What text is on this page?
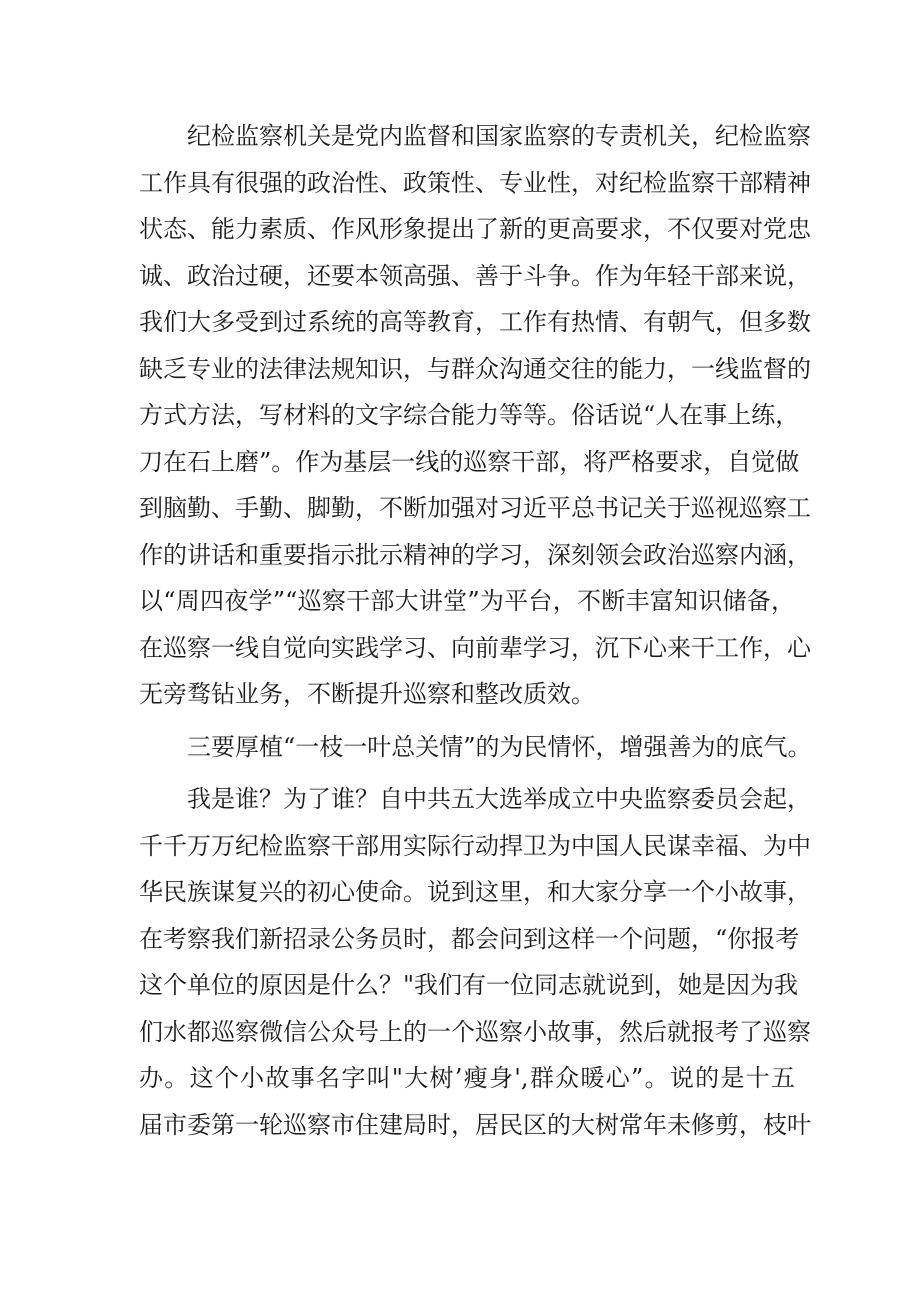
　　纪检监察机关是党内监督和国家监察的专责机关，纪检监察
工作具有很强的政治性、政策性、专业性，对纪检监察干部精神
状态、能力素质、作风形象提出了新的更高要求，不仅要对党忠
诚、政治过硬，还要本领高强、善于斗争。作为年轻干部来说，
我们大多受到过系统的高等教育，工作有热情、有朝气，但多数
缺乏专业的法律法规知识，与群众沟通交往的能力，一线监督的
方式方法，写材料的文字综合能力等等。俗话说“人在事上练，
刀在石上磨”。作为基层一线的巡察干部，将严格要求，自觉做
到脑勤、手勤、脚勤，不断加强对习近平总书记关于巡视巡察工
作的讲话和重要指示批示精神的学习，深刻领会政治巡察内涵，
以“周四夜学”“巡察干部大讲堂”为平台，不断丰富知识储备，
在巡察一线自觉向实践学习、向前辈学习，沉下心来干工作，心
无旁骛钻业务，不断提升巡察和整改质效。
　　三要厚植“一枝一叶总关情”的为民情怀，增强善为的底气。
　　我是谁？为了谁？自中共五大选举成立中央监察委员会起，
千千万万纪检监察干部用实际行动捍卫为中国人民谋幸福、为中
华民族谋复兴的初心使命。说到这里，和大家分享一个小故事，
在考察我们新招录公务员时，都会问到这样一个问题，“你报考
这个单位的原因是什么？"我们有一位同志就说到，她是因为我
们水都巡察微信公众号上的一个巡察小故事，然后就报考了巡察
办。这个小故事名字叫"大树’瘦身',群众暖心”。说的是十五
届市委第一轮巡察市住建局时，居民区的大树常年未修剪，枝叶
